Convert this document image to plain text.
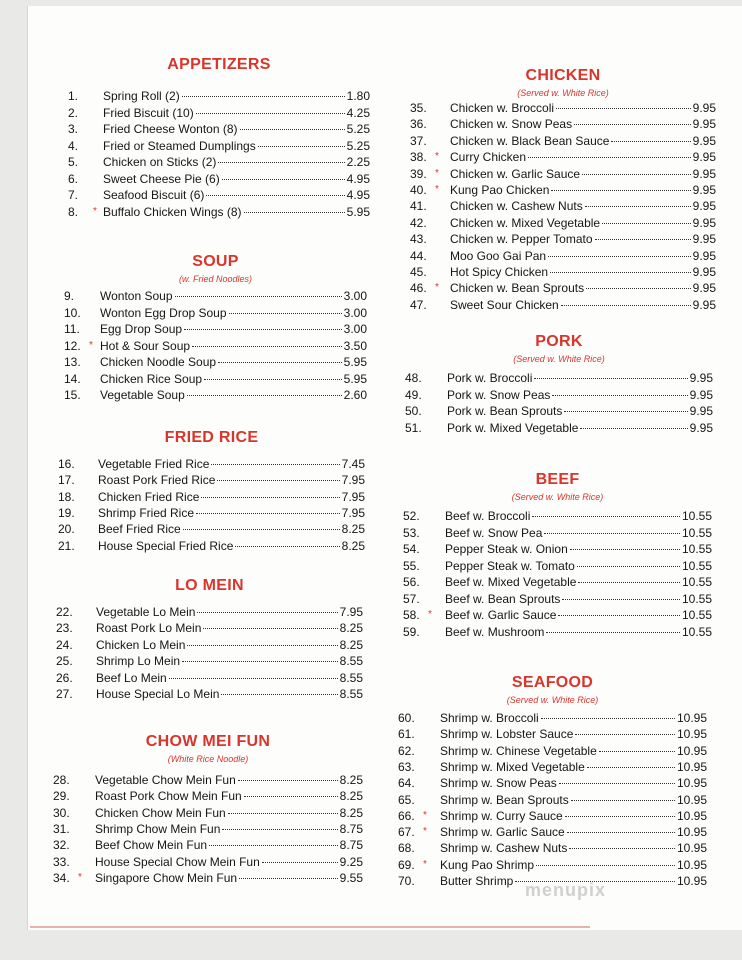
APPETIZERS
1.	Spring Roll (2)	1.80
2.	Fried Biscuit (10)	4.25
3.	Fried Cheese Wonton (8)	5.25
4.	Fried or Steamed Dumplings	5.25
5.	Chicken on Sticks (2)	2.25
6.	Sweet Cheese Pie (6)	4.95
7.	Seafood Biscuit (6)	4.95
8.	* Buffalo Chicken Wings (8)	5.95
SOUP
(w. Fried Noodles)
9.	Wonton Soup	3.00
10.	Wonton Egg Drop Soup	3.00
11.	Egg Drop Soup	3.00
12. * Hot & Sour Soup	3.50
13.	Chicken Noodle Soup	5.95
14.	Chicken Rice Soup	5.95
15.	Vegetable Soup	2.60
FRIED RICE
16.	Vegetable Fried Rice	7.45
17.	Roast Pork Fried Rice	7.95
18.	Chicken Fried Rice	7.95
19.	Shrimp Fried Rice	7.95
20.	Beef Fried Rice	8.25
21.	House Special Fried Rice	8.25
LO MEIN
22.	Vegetable Lo Mein	7.95
23.	Roast Pork Lo Mein	8.25
24.	Chicken Lo Mein	8.25
25.	Shrimp Lo Mein	8.55
26.	Beef Lo Mein	8.55
27.	House Special Lo Mein	8.55
CHOW MEI FUN
(White Rice Noodle)
28.	Vegetable Chow Mein Fun	8.25
29.	Roast Pork Chow Mein Fun	8.25
30.	Chicken Chow Mein Fun	8.25
31.	Shrimp Chow Mein Fun	8.75
32.	Beef Chow Mein Fun	8.75
33.	House Special Chow Mein Fun	9.25
34. * Singapore Chow Mein Fun	9.55
CHICKEN
(Served w. White Rice)
35.	Chicken w. Broccoli	9.95
36.	Chicken w. Snow Peas	9.95
37.	Chicken w. Black Bean Sauce	9.95
38. * Curry Chicken	9.95
39. * Chicken w. Garlic Sauce	9.95
40. * Kung Pao Chicken	9.95
41.	Chicken w. Cashew Nuts	9.95
42.	Chicken w. Mixed Vegetable	9.95
43.	Chicken w. Pepper Tomato	9.95
44.	Moo Goo Gai Pan	9.95
45.	Hot Spicy Chicken	9.95
46. * Chicken w. Bean Sprouts	9.95
47.	Sweet Sour Chicken	9.95
PORK
(Served w. White Rice)
48.	Pork w. Broccoli	9.95
49.	Pork w. Snow Peas	9.95
50.	Pork w. Bean Sprouts	9.95
51.	Pork w. Mixed Vegetable	9.95
BEEF
(Served w. White Rice)
52.	Beef w. Broccoli	10.55
53.	Beef w. Snow Pea	10.55
54.	Pepper Steak w. Onion	10.55
55.	Pepper Steak w. Tomato	10.55
56.	Beef w. Mixed Vegetable	10.55
57.	Beef w. Bean Sprouts	10.55
58. * Beef w. Garlic Sauce	10.55
59.	Beef w. Mushroom	10.55
SEAFOOD
(Served w. White Rice)
60.	Shrimp w. Broccoli	10.95
61.	Shrimp w. Lobster Sauce	10.95
62.	Shrimp w. Chinese Vegetable	10.95
63.	Shrimp w. Mixed Vegetable	10.95
64.	Shrimp w. Snow Peas	10.95
65.	Shrimp w. Bean Sprouts	10.95
66. * Shrimp w. Curry Sauce	10.95
67. * Shrimp w. Garlic Sauce	10.95
68.	Shrimp w. Cashew Nuts	10.95
69. * Kung Pao Shrimp	10.95
70.	Butter Shrimp	10.95
menupix
